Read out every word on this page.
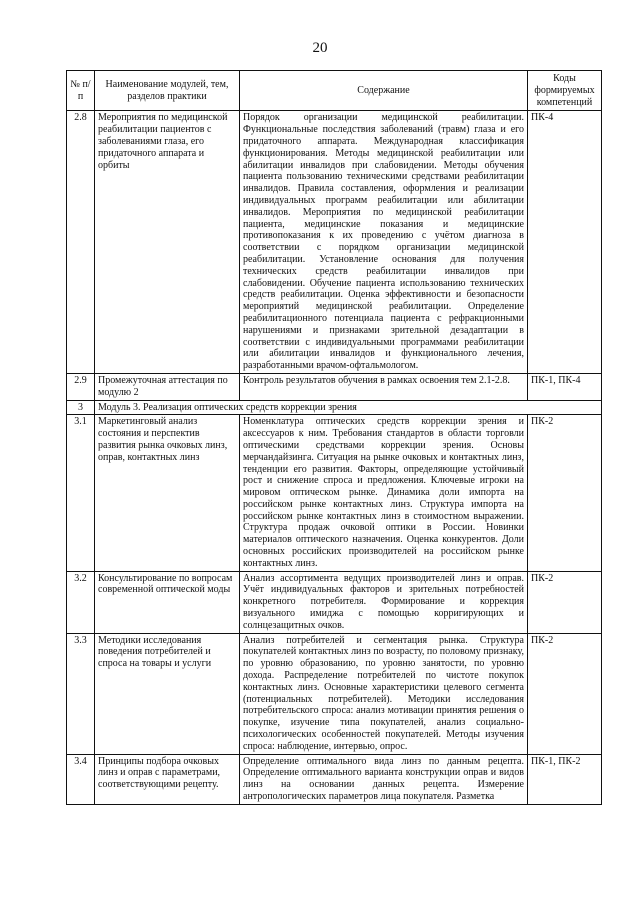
20
№ п/п	Наименование модулей, тем, разделов практики	Содержание	Коды формируемых компетенций
2.8	Мероприятия по медицинской реабилитации пациентов с заболеваниями глаза, его придаточного аппарата и орбиты	Порядок организации медицинской реабилитации. Функциональные последствия заболеваний (травм) глаза и его придаточного аппарата. Международная классификация функционирования. Методы медицинской реабилитации или абилитации инвалидов при слабовидении. Методы обучения пациента пользованию техническими средствами реабилитации инвалидов. Правила составления, оформления и реализации индивидуальных программ реабилитации или абилитации инвалидов. Мероприятия по медицинской реабилитации пациента, медицинские показания и медицинские противопоказания к их проведению с учётом диагноза в соответствии с порядком организации медицинской реабилитации. Установление основания для получения технических средств реабилитации инвалидов при слабовидении. Обучение пациента использованию технических средств реабилитации. Оценка эффективности и безопасности мероприятий медицинской реабилитации. Определение реабилитационного потенциала пациента с рефракционными нарушениями и признаками зрительной дезадаптации в соответствии с индивидуальными программами реабилитации или абилитации инвалидов и функционального лечения, разработанными врачом-офтальмологом.	ПК-4
2.9	Промежуточная аттестация по модулю 2	Контроль результатов обучения в рамках освоения тем 2.1-2.8.	ПК-1, ПК-4
3	Модуль 3. Реализация оптических средств коррекции зрения		
3.1	Маркетинговый анализ состояния и перспектив развития рынка очковых линз, оправ, контактных линз	Номенклатура оптических средств коррекции зрения и аксессуаров к ним. Требования стандартов в области торговли оптическими средствами коррекции зрения. Основы мерчандайзинга. Ситуация на рынке очковых и контактных линз, тенденции его развития. Факторы, определяющие устойчивый рост и снижение спроса и предложения. Ключевые игроки на мировом оптическом рынке. Динамика доли импорта на российском рынке контактных линз. Структура импорта на российском рынке контактных линз в стоимостном выражении. Структура продаж очковой оптики в России. Новинки материалов оптического назначения. Оценка конкурентов. Доли основных российских производителей на российском рынке контактных линз.	ПК-2
3.2	Консультирование по вопросам современной оптической моды	Анализ ассортимента ведущих производителей линз и оправ. Учёт индивидуальных факторов и зрительных потребностей конкретного потребителя. Формирование и коррекция визуального имиджа с помощью корригирующих и солнцезащитных очков.	ПК-2
3.3	Методики исследования поведения потребителей и спроса на товары и услуги	Анализ потребителей и сегментация рынка. Структура покупателей контактных линз по возрасту, по половому признаку, по уровню образованию, по уровню занятости, по уровню дохода. Распределение потребителей по чистоте покупок контактных линз. Основные характеристики целевого сегмента (потенциальных потребителей). Методики исследования потребительского спроса: анализ мотивации принятия решения о покупке, изучение типа покупателей, анализ социально-психологических особенностей покупателей. Методы изучения спроса: наблюдение, интервью, опрос.	ПК-2
3.4	Принципы подбора очковых линз и оправ с параметрами, соответствующими рецепту.	Определение оптимального вида линз по данным рецепта. Определение оптимального варианта конструкции оправ и видов линз на основании данных рецепта. Измерение антропологических параметров лица покупателя. Разметка	ПК-1, ПК-2
